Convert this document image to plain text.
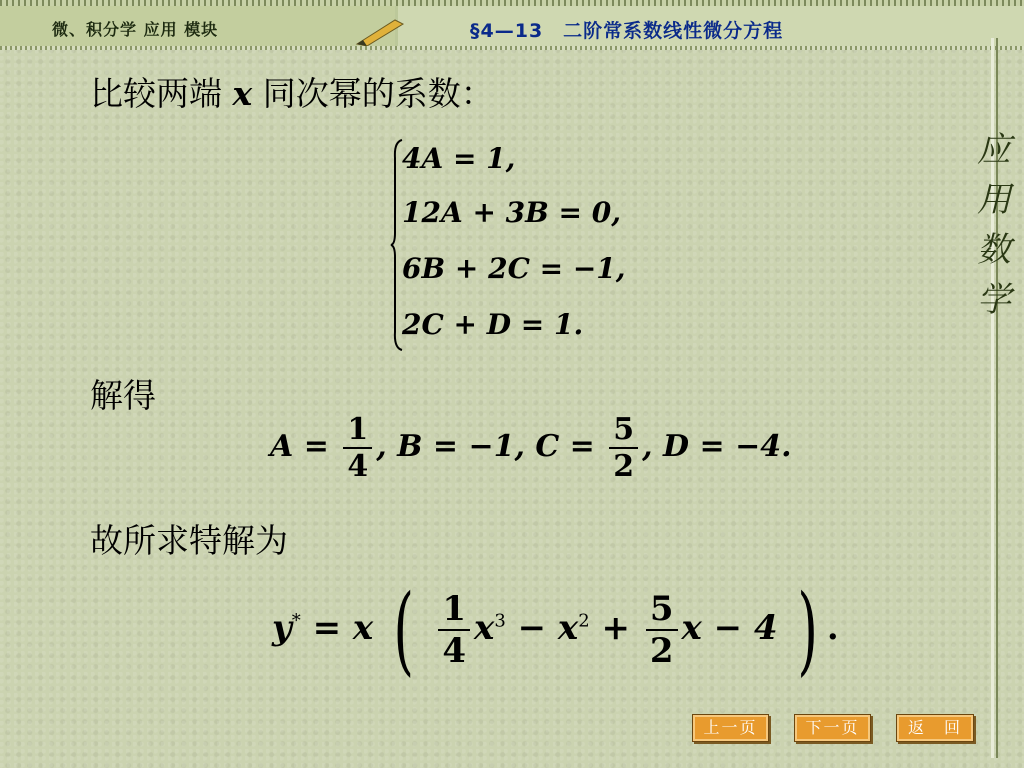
微、积分学 应用 模块	§4—13　二阶常系数线性微分方程
应
用
数
学
比较两端 x 同次幂的系数：
4A = 1,
12A + 3B = 0,
6B + 2C = −1,
2C + D = 1.
解得
$A = \frac{1}{4}$ , B = −1, $C = \frac{5}{2}$ , D = −4.
故所求特解为
y* = x ( $\frac{1}{4} x^3 - x^2 + \frac{5}{2}$ x − 4 ) .
上一页	下一页	返　回
